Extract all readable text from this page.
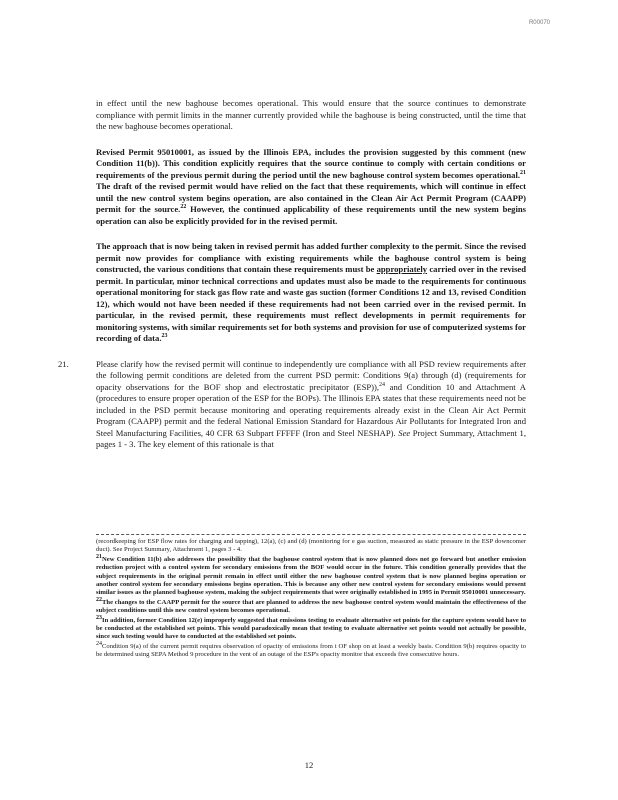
R00070

in effect until the new baghouse becomes operational. This would ensure that the source continues to demonstrate compliance with permit limits in the manner currently provided while the baghouse is being constructed, until the time that the new baghouse becomes operational.

Revised Permit 95010001, as issued by the Illinois EPA, includes the provision suggested by this comment (new Condition 11(b)). This condition explicitly requires that the source continue to comply with certain conditions or requirements of the previous permit during the period until the new baghouse control system becomes operational.$^{21}$ The draft of the revised permit would have relied on the fact that these requirements, which will continue in effect until the new control system begins operation, are also contained in the Clean Air Act Permit Program (CAAPP) permit for the source.$^{22}$ However, the continued applicability of these requirements until the new system begins operation can also be explicitly provided for in the revised permit.

The approach that is now being taken in revised permit has added further complexity to the permit. Since the revised permit now provides for compliance with existing requirements while the baghouse control system is being constructed, the various conditions that contain these requirements must be appropriately carried over in the revised permit. In particular, minor technical corrections and updates must also be made to the requirements for continuous operational monitoring for stack gas flow rate and waste gas suction (former Conditions 12 and 13, revised Condition 12), which would not have been needed if these requirements had not been carried over in the revised permit. In particular, in the revised permit, these requirements must reflect developments in permit requirements for monitoring systems, with similar requirements set for both systems and provision for use of computerized systems for recording of data.$^{23}$

21.	Please clarify how the revised permit will continue to independently ure compliance with all PSD review requirements after the following permit conditions are deleted from the current PSD permit: Conditions 9(a) through (d) (requirements for opacity observations for the BOF shop and electrostatic precipitator (ESP)),$^{24}$ and Condition 10 and Attachment A (procedures to ensure proper operation of the ESP for the BOPs). The Illinois EPA states that these requirements need not be included in the PSD permit because monitoring and operating requirements already exist in the Clean Air Act Permit Program (CAAPP) permit and the federal National Emission Standard for Hazardous Air Pollutants for Integrated Iron and Steel Manufacturing Facilities, 40 CFR 63 Subpart FFFFF (Iron and Steel NESHAP). See Project Summary, Attachment 1, pages 1 - 3. The key element of this rationale is that

(recordkeeping for ESP flow rates for charging and tapping), 12(a), (c) and (d) (monitoring for e gas suction, measured as static pressure in the ESP downcomer duct). See Project Summary, Attachment 1, pages 3 - 4.

$^{21}$New Condition 11(b) also addresses the possibility that the baghouse control system that is now planned does not go forward but another emission reduction project with a control system for secondary emissions from the BOF would occur in the future. This condition generally provides that the subject requirements in the original permit remain in effect until either the new baghouse control system that is now planned begins operation or another control system for secondary emissions begins operation. This is because any other new control system for secondary emissions would present similar issues as the planned baghouse system, making the subject requirements that were originally established in 1995 in Permit 95010001 unnecessary.

$^{22}$The changes to the CAAPP permit for the source that are planned to address the new baghouse control system would maintain the effectiveness of the subject conditions until this new control system becomes operational.

$^{23}$In addition, former Condition 12(e) improperly suggested that emissions testing to evaluate alternative set points for the capture system would have to be conducted at the established set points. This would paradoxically mean that testing to evaluate alternative set points would not actually be possible, since such testing would have to conducted at the established set points.

$^{24}$Condition 9(a) of the current permit requires observation of opacity of emissions from t OF shop on at least a weekly basis. Condition 9(b) requires opacity to be determined using SEPA Method 9 procedure in the vent of an outage of the ESP's opacity monitor that exceeds five consecutive hours.

12
